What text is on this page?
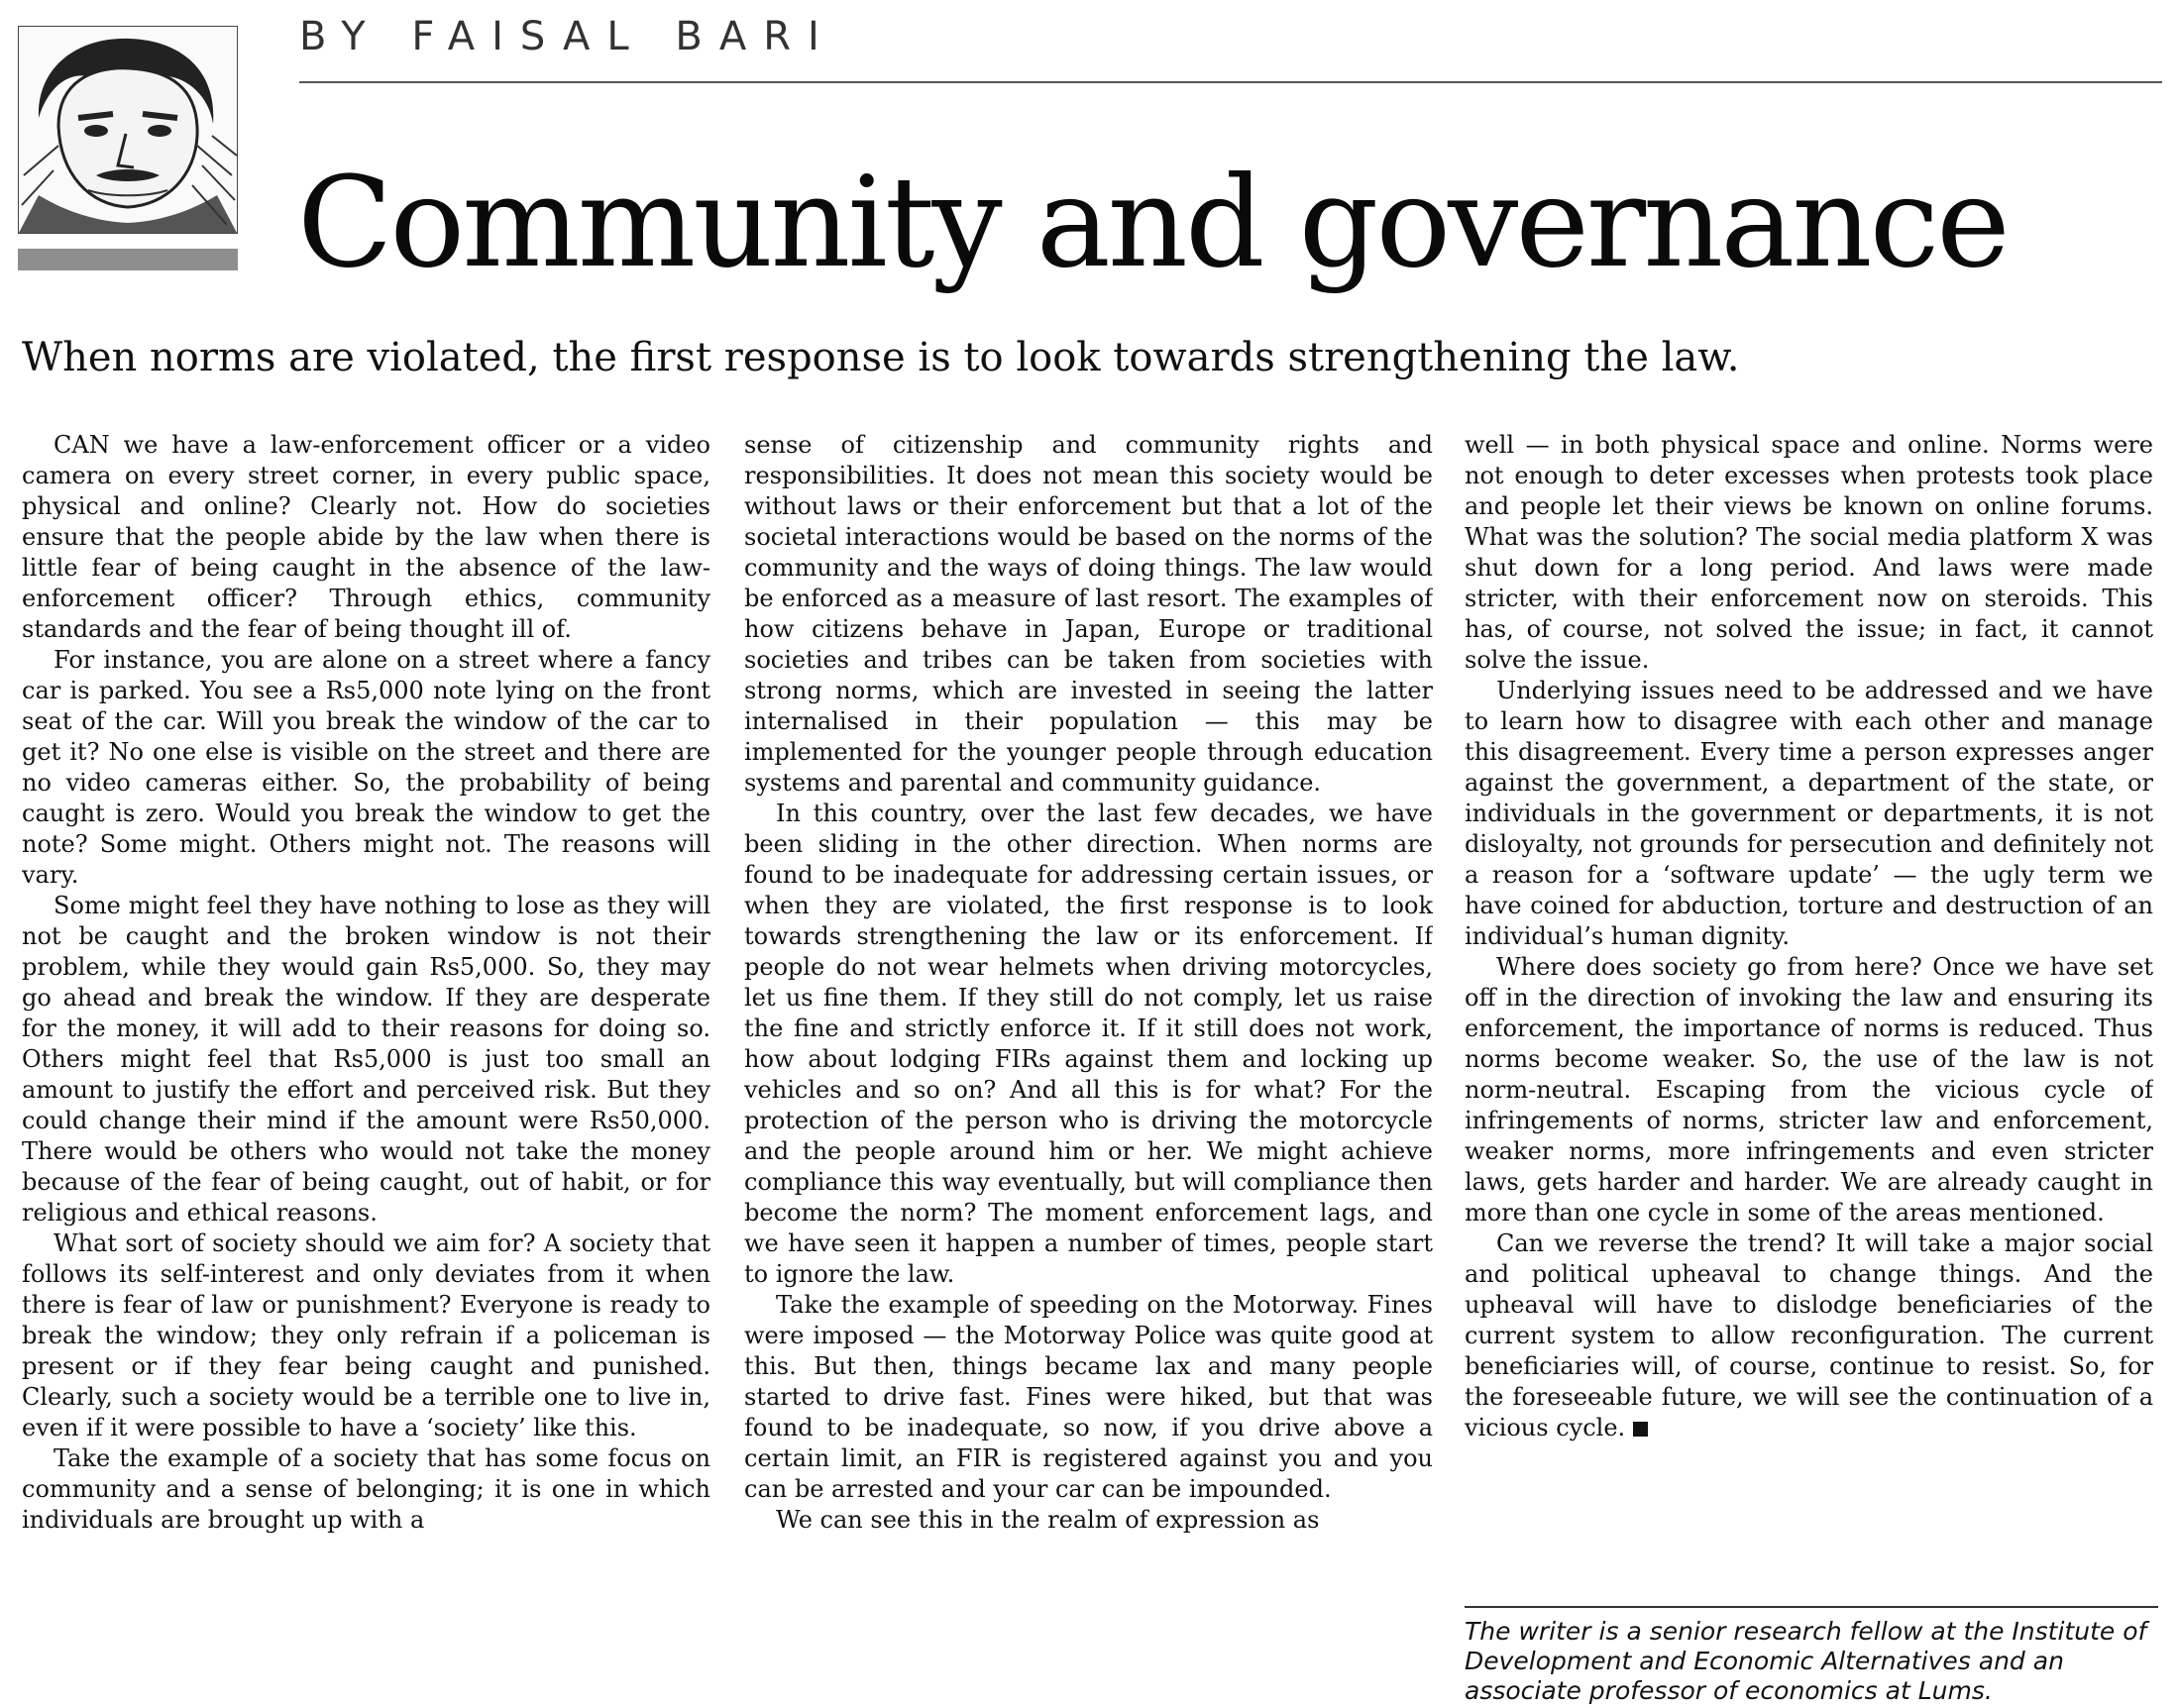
BY FAISAL BARI
Community and governance

When norms are violated, the first response is to look towards strengthening the law.

CAN we have a law-enforcement officer or a video camera on every street corner, in every public space, physical and online? Clearly not. How do societies ensure that the people abide by the law when there is little fear of being caught in the absence of the law-enforcement officer? Through ethics, community standards and the fear of being thought ill of.

For instance, you are alone on a street where a fancy car is parked. You see a Rs5,000 note lying on the front seat of the car. Will you break the window of the car to get it? No one else is visible on the street and there are no video cameras either. So, the probability of being caught is zero. Would you break the window to get the note? Some might. Others might not. The reasons will vary.

Some might feel they have nothing to lose as they will not be caught and the broken window is not their problem, while they would gain Rs5,000. So, they may go ahead and break the window. If they are desperate for the money, it will add to their reasons for doing so. Others might feel that Rs5,000 is just too small an amount to justify the effort and perceived risk. But they could change their mind if the amount were Rs50,000. There would be others who would not take the money because of the fear of being caught, out of habit, or for religious and ethical reasons.

What sort of society should we aim for? A society that follows its self-interest and only deviates from it when there is fear of law or punishment? Everyone is ready to break the window; they only refrain if a policeman is present or if they fear being caught and punished. Clearly, such a society would be a terrible one to live in, even if it were possible to have a ‘society’ like this.

Take the example of a society that has some focus on community and a sense of belonging; it is one in which individuals are brought up with a

sense of citizenship and community rights and responsibilities. It does not mean this society would be without laws or their enforcement but that a lot of the societal interactions would be based on the norms of the community and the ways of doing things. The law would be enforced as a measure of last resort. The examples of how citizens behave in Japan, Europe or traditional societies and tribes can be taken from societies with strong norms, which are invested in seeing the latter internalised in their population — this may be implemented for the younger people through education systems and parental and community guidance.

In this country, over the last few decades, we have been sliding in the other direction. When norms are found to be inadequate for addressing certain issues, or when they are violated, the first response is to look towards strengthening the law or its enforcement. If people do not wear helmets when driving motorcycles, let us fine them. If they still do not comply, let us raise the fine and strictly enforce it. If it still does not work, how about lodging FIRs against them and locking up vehicles and so on? And all this is for what? For the protection of the person who is driving the motorcycle and the people around him or her. We might achieve compliance this way eventually, but will compliance then become the norm? The moment enforcement lags, and we have seen it happen a number of times, people start to ignore the law.

Take the example of speeding on the Motorway. Fines were imposed — the Motorway Police was quite good at this. But then, things became lax and many people started to drive fast. Fines were hiked, but that was found to be inadequate, so now, if you drive above a certain limit, an FIR is registered against you and you can be arrested and your car can be impounded.

We can see this in the realm of expression as

well — in both physical space and online. Norms were not enough to deter excesses when protests took place and people let their views be known on online forums. What was the solution? The social media platform X was shut down for a long period. And laws were made stricter, with their enforcement now on steroids. This has, of course, not solved the issue; in fact, it cannot solve the issue.

Underlying issues need to be addressed and we have to learn how to disagree with each other and manage this disagreement. Every time a person expresses anger against the government, a department of the state, or individuals in the government or departments, it is not disloyalty, not grounds for persecution and definitely not a reason for a ‘software update’ — the ugly term we have coined for abduction, torture and destruction of an individual’s human dignity.

Where does society go from here? Once we have set off in the direction of invoking the law and ensuring its enforcement, the importance of norms is reduced. Thus norms become weaker. So, the use of the law is not norm-neutral. Escaping from the vicious cycle of infringements of norms, stricter law and enforcement, weaker norms, more infringements and even stricter laws, gets harder and harder. We are already caught in more than one cycle in some of the areas mentioned.

Can we reverse the trend? It will take a major social and political upheaval to change things. And the upheaval will have to dislodge beneficiaries of the current system to allow reconfiguration. The current beneficiaries will, of course, continue to resist. So, for the foreseeable future, we will see the continuation of a vicious cycle.

The writer is a senior research fellow at the Institute of Development and Economic Alternatives and an associate professor of economics at Lums.
